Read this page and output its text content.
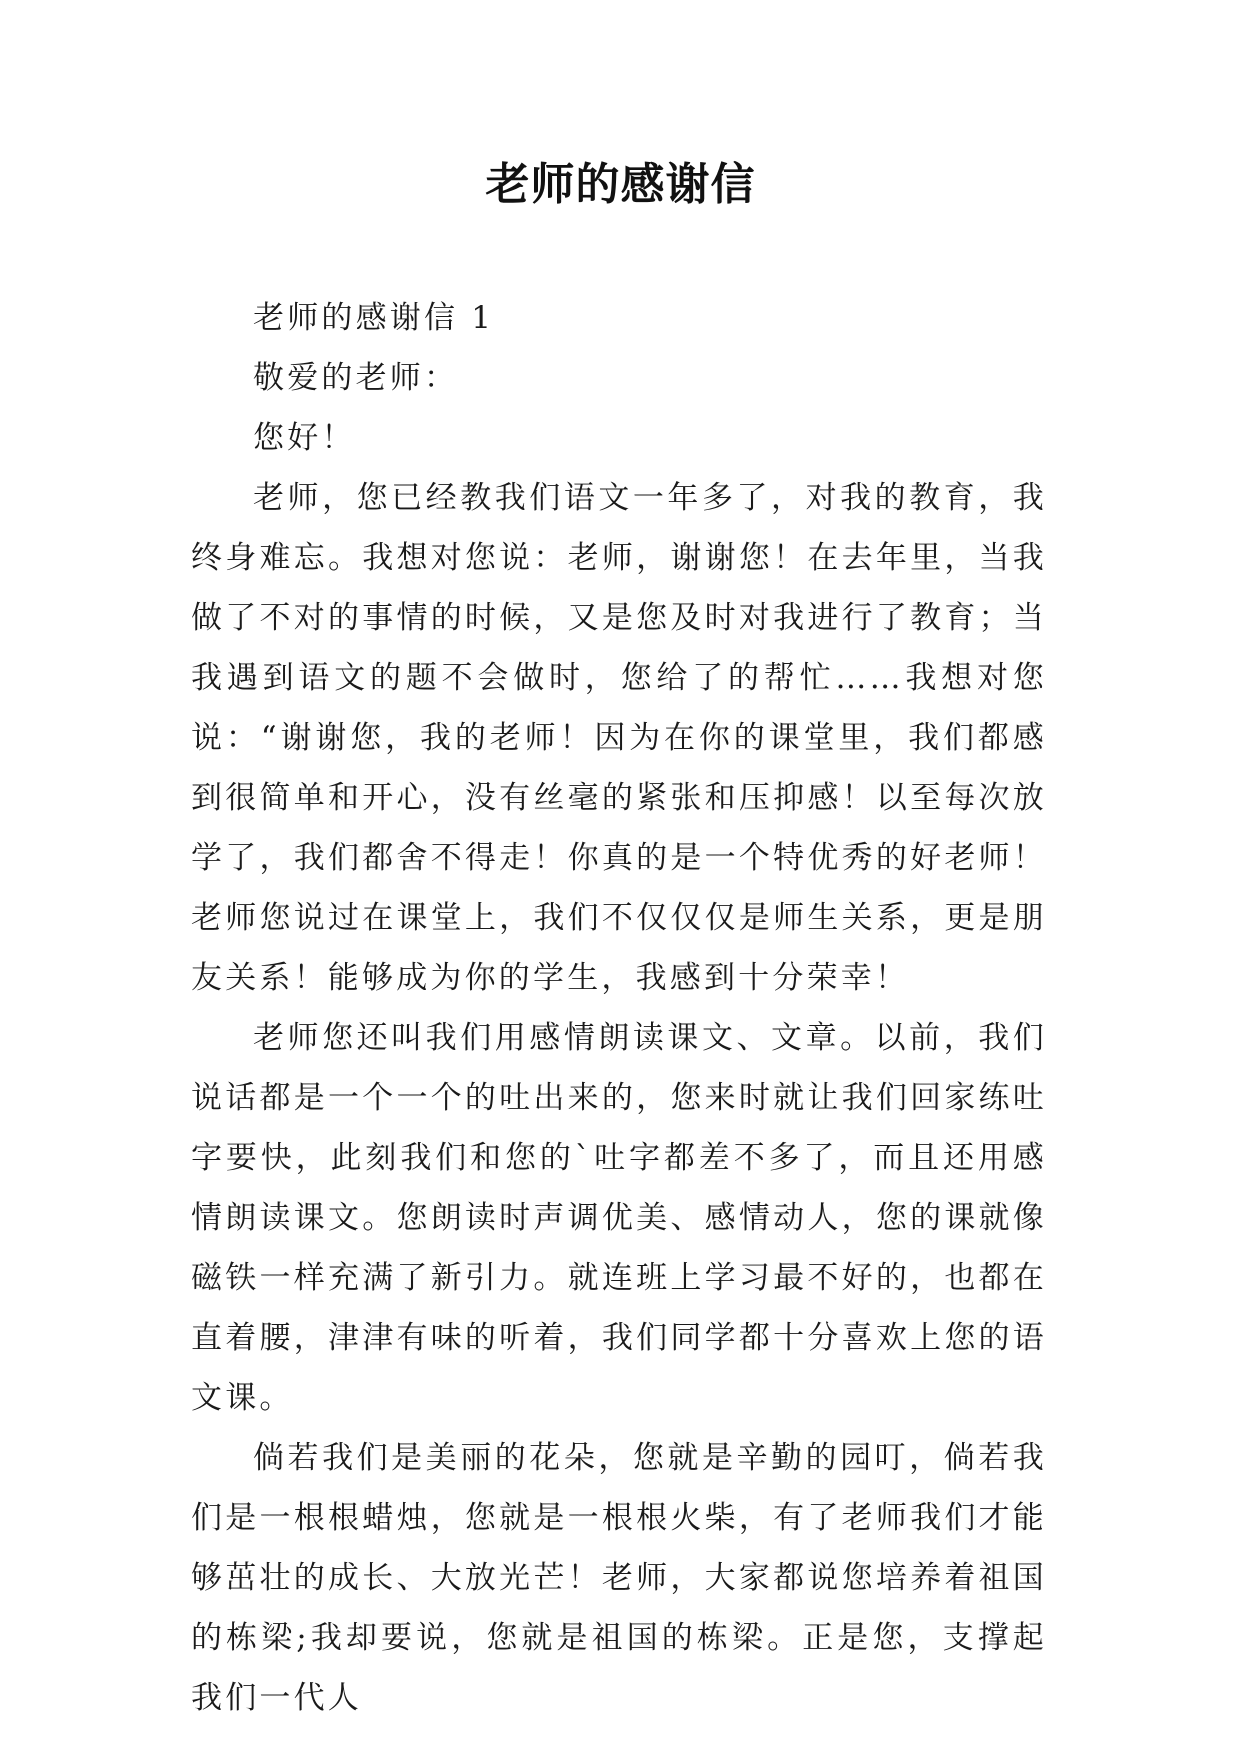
老师的感谢信

老师的感谢信 1

敬爱的老师：

您好！

老师，您已经教我们语文一年多了，对我的教育，我终身难忘。我想对您说：老师，谢谢您！在去年里，当我做了不对的事情的时候，又是您及时对我进行了教育；当我遇到语文的题不会做时，您给了的帮忙……我想对您说：“谢谢您，我的老师！因为在你的课堂里，我们都感到很简单和开心，没有丝毫的紧张和压抑感！以至每次放学了，我们都舍不得走！你真的是一个特优秀的好老师！老师您说过在课堂上，我们不仅仅仅是师生关系，更是朋友关系！能够成为你的学生，我感到十分荣幸！

老师您还叫我们用感情朗读课文、文章。以前，我们说话都是一个一个的吐出来的，您来时就让我们回家练吐字要快，此刻我们和您的`吐字都差不多了，而且还用感情朗读课文。您朗读时声调优美、感情动人，您的课就像磁铁一样充满了新引力。就连班上学习最不好的，也都在直着腰，津津有味的听着，我们同学都十分喜欢上您的语文课。

倘若我们是美丽的花朵，您就是辛勤的园叮，倘若我们是一根根蜡烛，您就是一根根火柴，有了老师我们才能够茁壮的成长、大放光芒！老师，大家都说您培养着祖国的栋梁;我却要说，您就是祖国的栋梁。正是您，支撑起我们一代人
